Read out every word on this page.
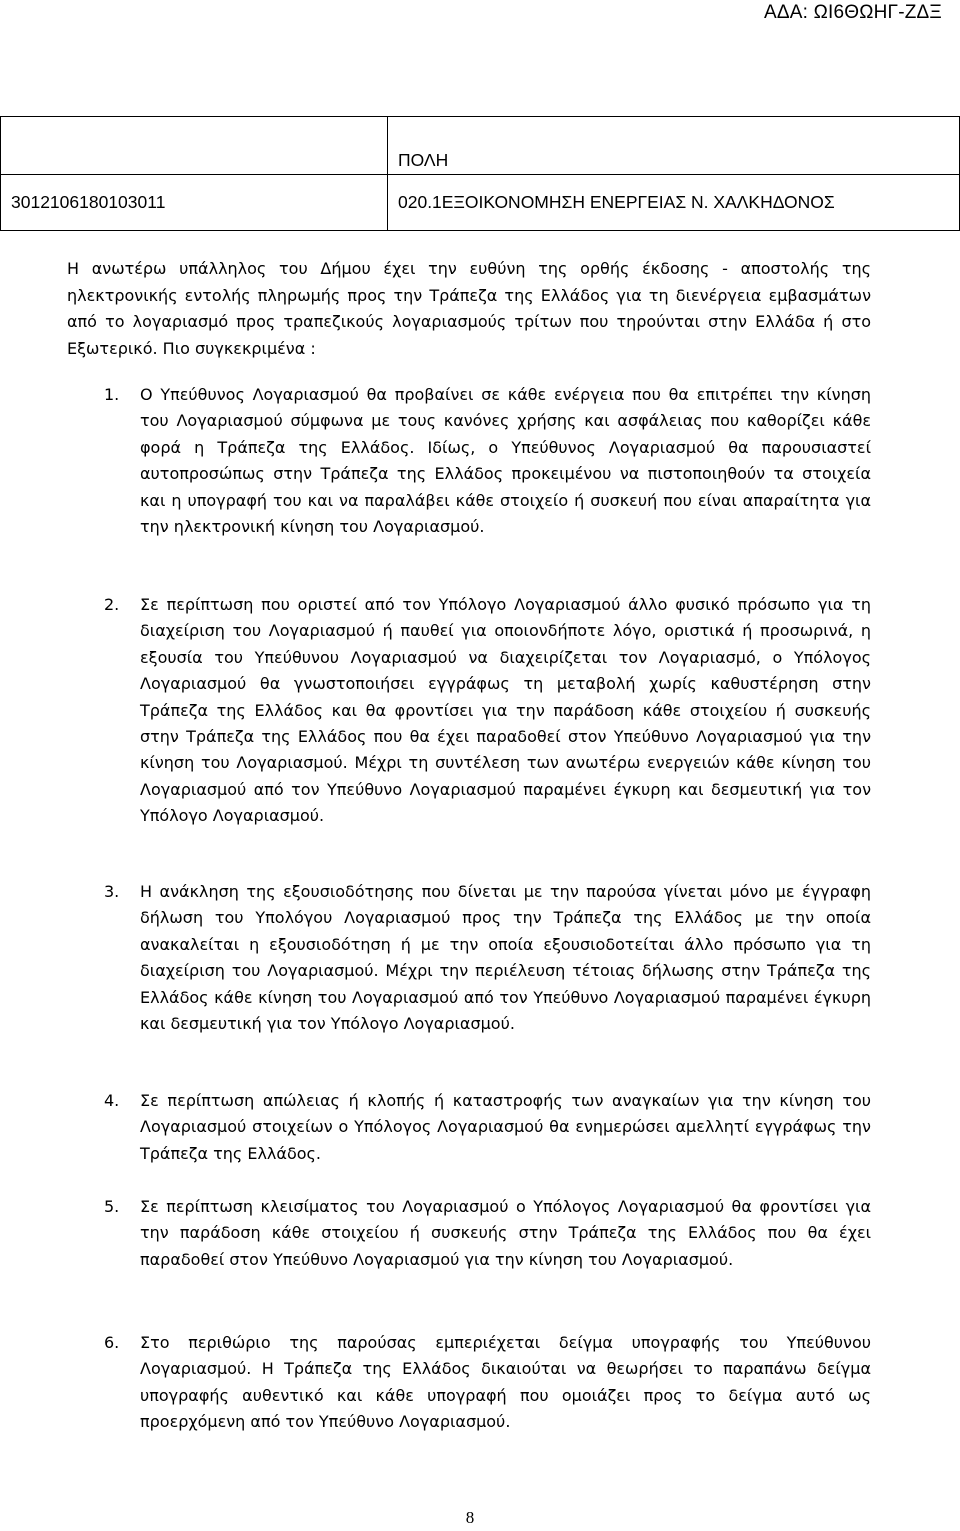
ΑΔΑ: ΩΙ6ΘΩΗΓ-ΖΔΞ
	ΠΟΛΗ
301210618010301​1	020.1ΕΞΟΙΚΟΝΟΜΗΣΗ ΕΝΕΡΓΕΙΑΣ Ν. ΧΑΛΚΗΔΟΝΟΣ
Η ανωτέρω υπάλληλος του Δήμου έχει την ευθύνη της ορθής έκδοσης - αποστολής της ηλεκτρονικής εντολής πληρωμής προς την Τράπεζα της Ελλάδος για τη διενέργεια εμβασμάτων από το λογαριασμό προς τραπεζικούς λογαριασμούς τρίτων που τηρούνται στην Ελλάδα ή στο Εξωτερικό. Πιο συγκεκριμένα :
1.	Ο Υπεύθυνος Λογαριασμού θα προβαίνει σε κάθε ενέργεια που θα επιτρέπει την κίνηση του Λογαριασμού σύμφωνα με τους κανόνες χρήσης και ασφάλειας που καθορίζει κάθε φορά η Τράπεζα της Ελλάδος. Ιδίως, ο Υπεύθυνος Λογαριασμού θα παρουσιαστεί αυτοπροσώπως στην Τράπεζα της Ελλάδος προκειμένου να πιστοποιηθούν τα στοιχεία και η υπογραφή του και να παραλάβει κάθε στοιχείο ή συσκευή που είναι απαραίτητα για την ηλεκτρονική κίνηση του Λογαριασμού.
2.	Σε περίπτωση που οριστεί από τον Υπόλογο Λογαριασμού άλλο φυσικό πρόσωπο για τη διαχείριση του Λογαριασμού ή παυθεί για οποιονδήποτε λόγο, οριστικά ή προσωρινά, η εξουσία του Υπεύθυνου Λογαριασμού να διαχειρίζεται τον Λογαριασμό, ο Υπόλογος Λογαριασμού θα γνωστοποιήσει εγγράφως τη μεταβολή χωρίς καθυστέρηση στην Τράπεζα της Ελλάδος και θα φροντίσει για την παράδοση κάθε στοιχείου ή συσκευής στην Τράπεζα της Ελλάδος που θα έχει παραδοθεί στον Υπεύθυνο Λογαριασμού για την κίνηση του Λογαριασμού. Μέχρι τη συντέλεση των ανωτέρω ενεργειών κάθε κίνηση του Λογαριασμού από τον Υπεύθυνο Λογαριασμού παραμένει έγκυρη και δεσμευτική για τον Υπόλογο Λογαριασμού.
3.	Η ανάκληση της εξουσιοδότησης που δίνεται με την παρούσα γίνεται μόνο με έγγραφη δήλωση του Υπολόγου Λογαριασμού προς την Τράπεζα της Ελλάδος με την οποία ανακαλείται η εξουσιοδότηση ή με την οποία εξουσιοδοτείται άλλο πρόσωπο για τη διαχείριση του Λογαριασμού. Μέχρι την περιέλευση τέτοιας δήλωσης στην Τράπεζα της Ελλάδος κάθε κίνηση του Λογαριασμού από τον Υπεύθυνο Λογαριασμού παραμένει έγκυρη και δεσμευτική για τον Υπόλογο Λογαριασμού.
4.	Σε περίπτωση απώλειας ή κλοπής ή καταστροφής των αναγκαίων για την κίνηση του Λογαριασμού στοιχείων ο Υπόλογος Λογαριασμού θα ενημερώσει αμελλητί εγγράφως την Τράπεζα της Ελλάδος.
5.	Σε περίπτωση κλεισίματος του Λογαριασμού ο Υπόλογος Λογαριασμού θα φροντίσει για την παράδοση κάθε στοιχείου ή συσκευής στην Τράπεζα της Ελλάδος που θα έχει παραδοθεί στον Υπεύθυνο Λογαριασμού για την κίνηση του Λογαριασμού.
6.	Στο περιθώριο της παρούσας εμπεριέχεται δείγμα υπογραφής του Υπεύθυνου Λογαριασμού. Η Τράπεζα της Ελλάδος δικαιούται να θεωρήσει το παραπάνω δείγμα υπογραφής αυθεντικό και κάθε υπογραφή που ομοιάζει προς το δείγμα αυτό ως προερχόμενη από τον Υπεύθυνο Λογαριασμού.
8
